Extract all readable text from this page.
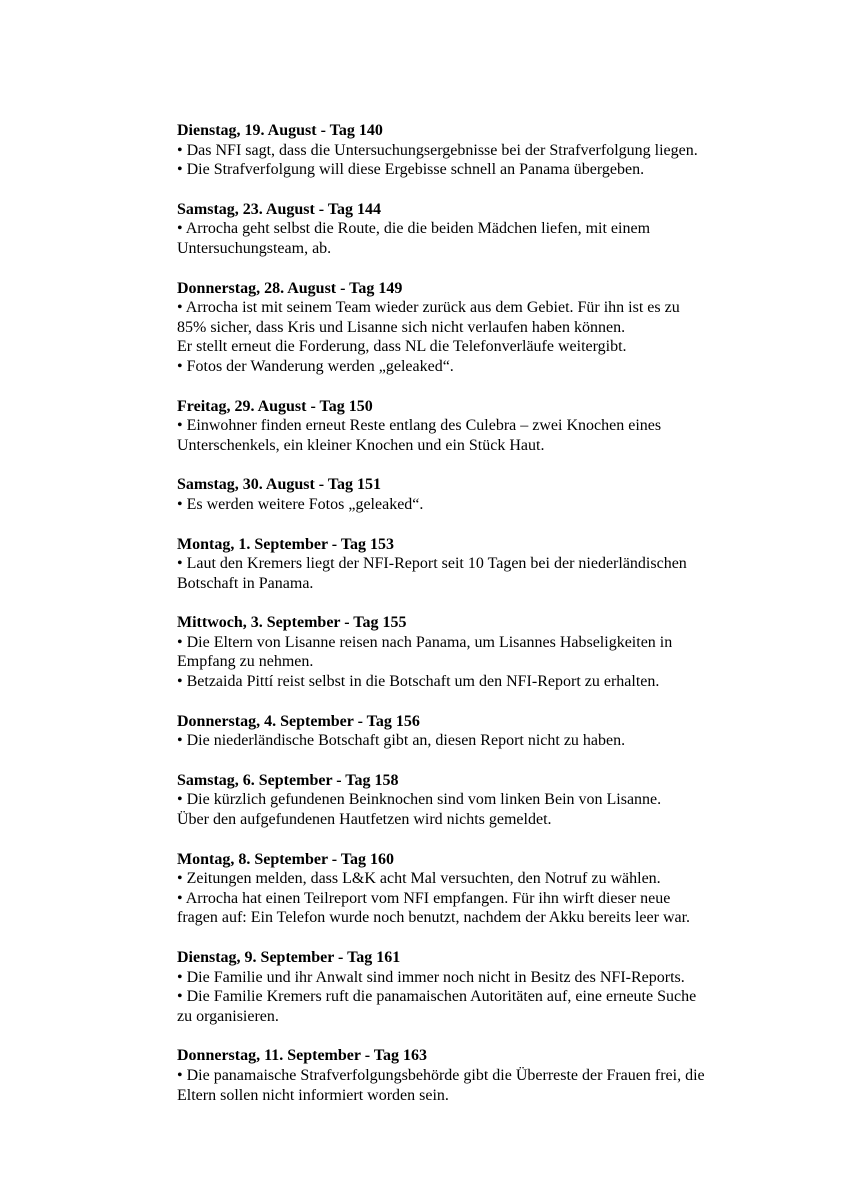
Dienstag, 19. August - Tag 140
• Das NFI sagt, dass die Untersuchungsergebnisse bei der Strafverfolgung liegen.
• Die Strafverfolgung will diese Ergebisse schnell an Panama übergeben.
Samstag, 23. August - Tag 144
• Arrocha geht selbst die Route, die die beiden Mädchen liefen, mit einem
Untersuchungsteam, ab.
Donnerstag, 28. August - Tag 149
• Arrocha ist mit seinem Team wieder zurück aus dem Gebiet. Für ihn ist es zu
85% sicher, dass Kris und Lisanne sich nicht verlaufen haben können.
Er stellt erneut die Forderung, dass NL die Telefonverläufe weitergibt.
• Fotos der Wanderung werden „geleaked“.
Freitag, 29. August - Tag 150
• Einwohner finden erneut Reste entlang des Culebra – zwei Knochen eines
Unterschenkels, ein kleiner Knochen und ein Stück Haut.
Samstag, 30. August - Tag 151
• Es werden weitere Fotos „geleaked“.
Montag, 1. September - Tag 153
• Laut den Kremers liegt der NFI-Report seit 10 Tagen bei der niederländischen
Botschaft in Panama.
Mittwoch, 3. September - Tag 155
• Die Eltern von Lisanne reisen nach Panama, um Lisannes Habseligkeiten in
Empfang zu nehmen.
• Betzaida Pittí reist selbst in die Botschaft um den NFI-Report zu erhalten.
Donnerstag, 4. September - Tag 156
• Die niederländische Botschaft gibt an, diesen Report nicht zu haben.
Samstag, 6. September - Tag 158
• Die kürzlich gefundenen Beinknochen sind vom linken Bein von Lisanne.
Über den aufgefundenen Hautfetzen wird nichts gemeldet.
Montag, 8. September - Tag 160
• Zeitungen melden, dass L&K acht Mal versuchten, den Notruf zu wählen.
• Arrocha hat einen Teilreport vom NFI empfangen. Für ihn wirft dieser neue
fragen auf: Ein Telefon wurde noch benutzt, nachdem der Akku bereits leer war.
Dienstag, 9. September - Tag 161
• Die Familie und ihr Anwalt sind immer noch nicht in Besitz des NFI-Reports.
• Die Familie Kremers ruft die panamaischen Autoritäten auf, eine erneute Suche
zu organisieren.
Donnerstag, 11. September - Tag 163
• Die panamaische Strafverfolgungsbehörde gibt die Überreste der Frauen frei, die
Eltern sollen nicht informiert worden sein.
